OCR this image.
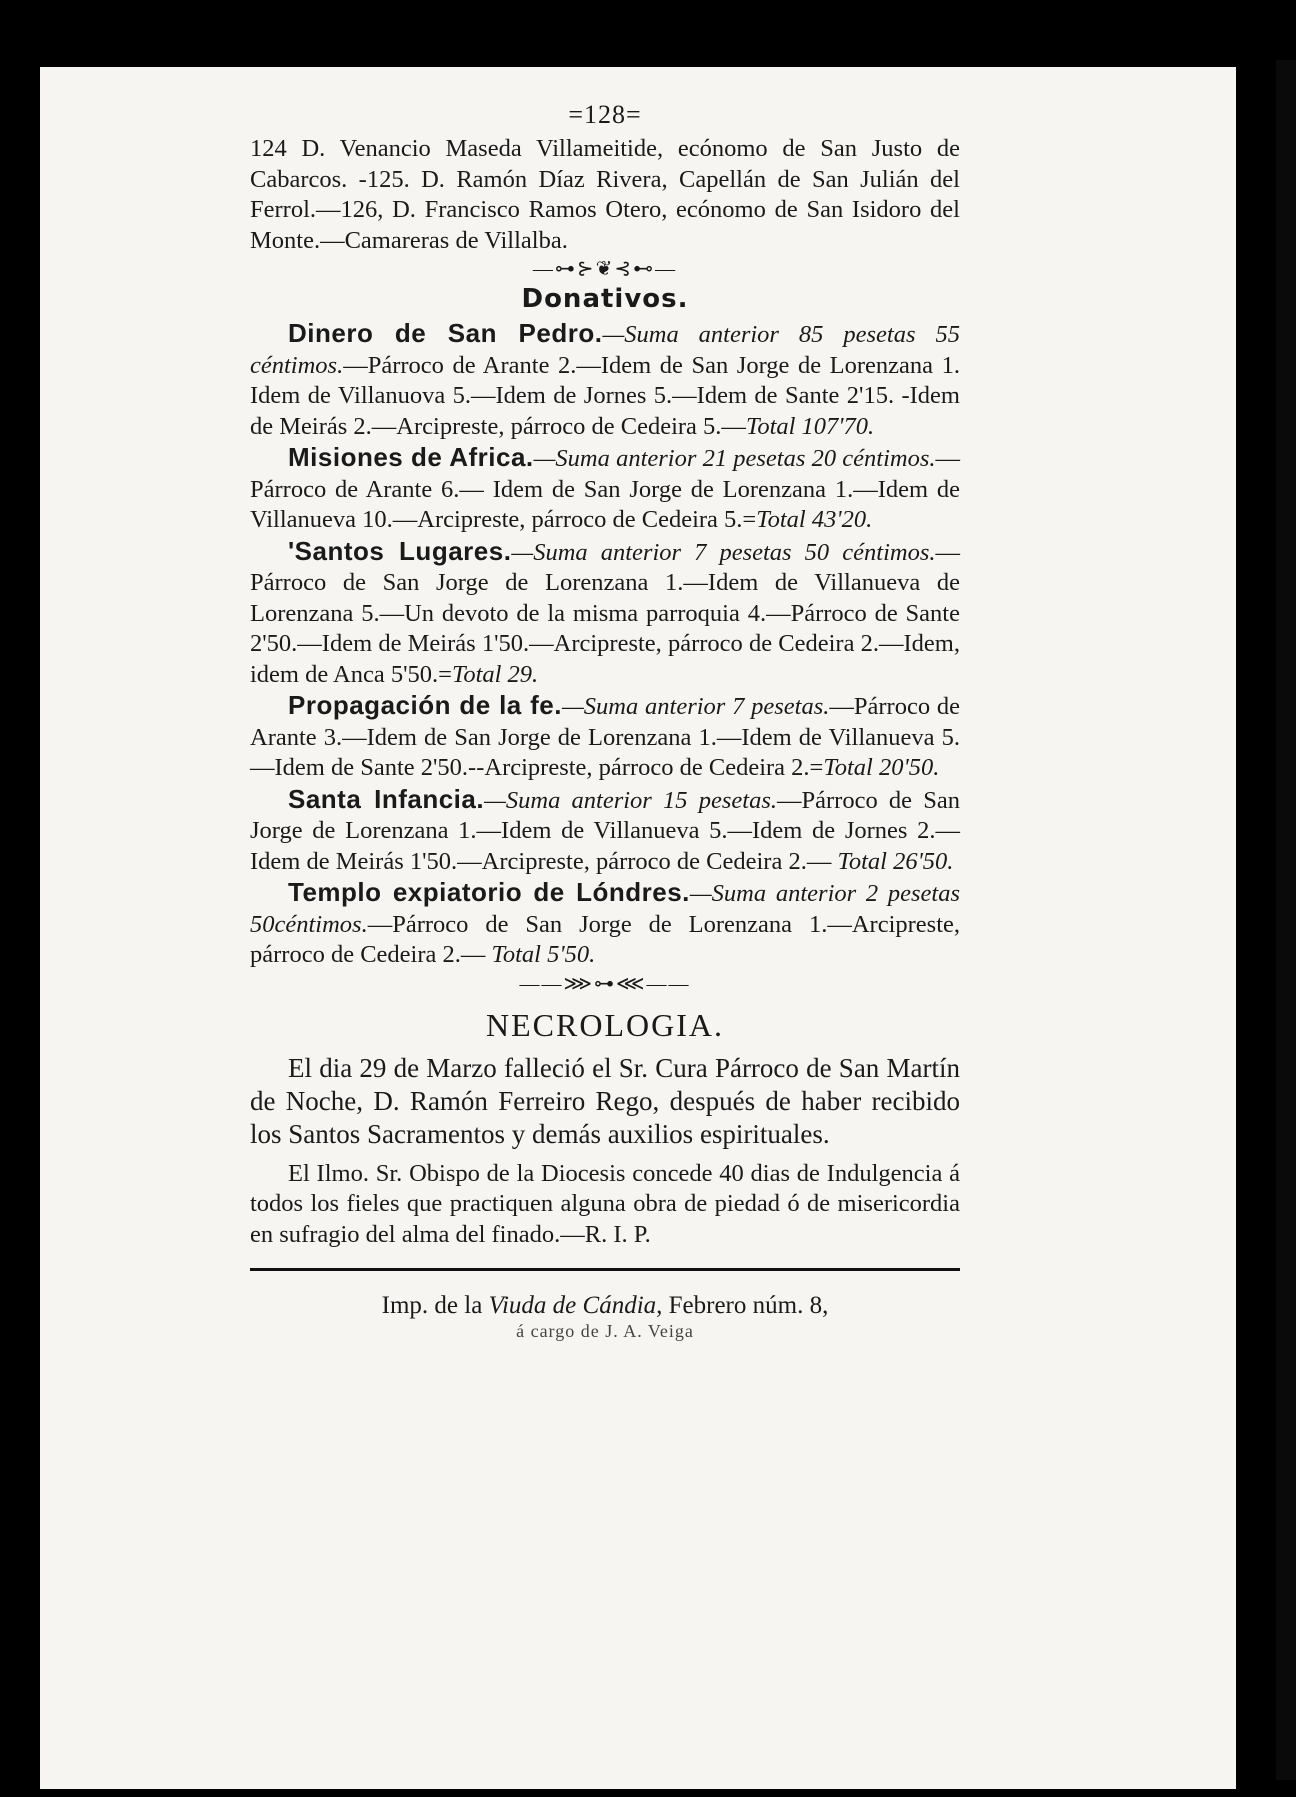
=128=

124 D. Venancio Maseda Villameitide, ecónomo de San Justo de Cabarcos. -125. D. Ramón Díaz Rivera, Capellán de San Julián del Ferrol.—126, D. Francisco Ramos Otero, ecónomo de San Isidoro del Monte.—Camareras de Villalba.

—⊶⊱❦⊰⊷—
Donativos.

Dinero de San Pedro.—Suma anterior 85 pesetas 55 céntimos.—Párroco de Arante 2.—Idem de San Jorge de Lorenzana 1. Idem de Villanuova 5.—Idem de Jornes 5.—Idem de Sante 2'15. -Idem de Meirás 2.—Arcipreste, párroco de Cedeira 5.—Total 107'70.

Misiones de Africa.—Suma anterior 21 pesetas 20 céntimos.—Párroco de Arante 6.— Idem de San Jorge de Lorenzana 1.—Idem de Villanueva 10.—Arcipreste, párroco de Cedeira 5.=Total 43'20.

'Santos Lugares.—Suma anterior 7 pesetas 50 céntimos.—Párroco de San Jorge de Lorenzana 1.—Idem de Villanueva de Lorenzana 5.—Un devoto de la misma parroquia 4.—Párroco de Sante 2'50.—Idem de Meirás 1'50.—Arcipreste, párroco de Cedeira 2.—Idem, idem de Anca 5'50.=Total 29.

Propagación de la fe.—Suma anterior 7 pesetas.—Párroco de Arante 3.—Idem de San Jorge de Lorenzana 1.—Idem de Villanueva 5.—Idem de Sante 2'50.--Arcipreste, párroco de Cedeira 2.=Total 20'50.

Santa Infancia.—Suma anterior 15 pesetas.—Párroco de San Jorge de Lorenzana 1.—Idem de Villanueva 5.—Idem de Jornes 2.—Idem de Meirás 1'50.—Arcipreste, párroco de Cedeira 2.— Total 26'50.

Templo expiatorio de Lóndres.—Suma anterior 2 pesetas 50céntimos.—Párroco de San Jorge de Lorenzana 1.—Arcipreste, párroco de Cedeira 2.— Total 5'50.

——⋙⊶⋘——
NECROLOGIA.

El dia 29 de Marzo falleció el Sr. Cura Párroco de San Martín de Noche, D. Ramón Ferreiro Rego, después de haber recibido los Santos Sacramentos y demás auxilios espirituales.

El Ilmo. Sr. Obispo de la Diocesis concede 40 dias de Indulgencia á todos los fieles que practiquen alguna obra de piedad ó de misericordia en sufragio del alma del finado.—R. I. P.

Imp. de la Viuda de Cándia, Febrero núm. 8,
á cargo de J. A. Veiga
